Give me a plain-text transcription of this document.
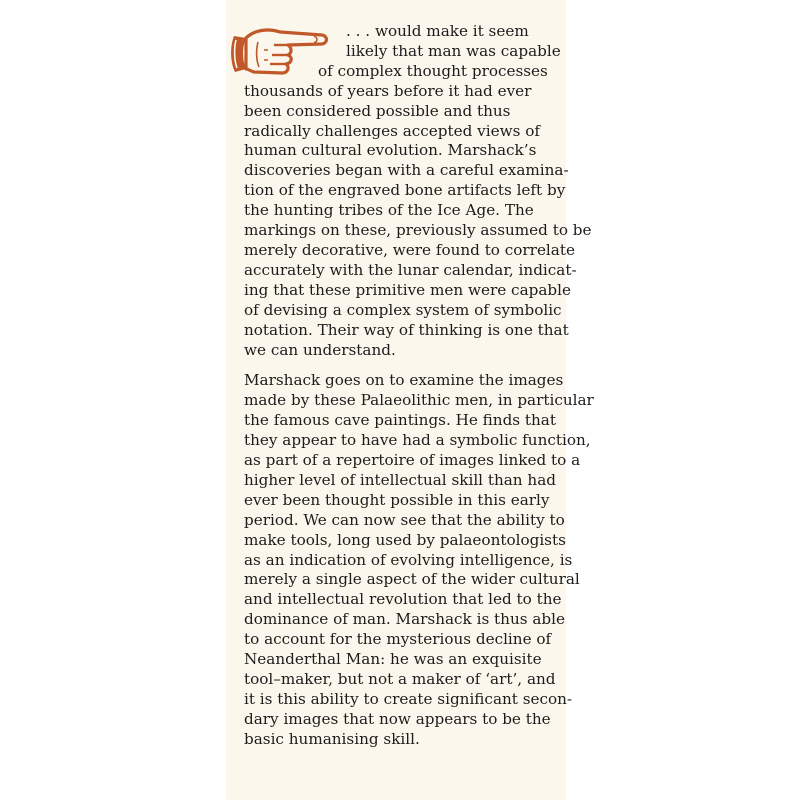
. . . would make it seem
likely that man was capable
of complex thought processes
thousands of years before it had ever
been considered possible and thus
radically challenges accepted views of
human cultural evolution. Marshack’s
discoveries began with a careful examina-
tion of the engraved bone artifacts left by
the hunting tribes of the Ice Age. The
markings on these, previously assumed to be
merely decorative, were found to correlate
accurately with the lunar calendar, indicat-
ing that these primitive men were capable
of devising a complex system of symbolic
notation. Their way of thinking is one that
we can understand.
Marshack goes on to examine the images
made by these Palaeolithic men, in particular
the famous cave paintings. He finds that
they appear to have had a symbolic function,
as part of a repertoire of images linked to a
higher level of intellectual skill than had
ever been thought possible in this early
period. We can now see that the ability to
make tools, long used by palaeontologists
as an indication of evolving intelligence, is
merely a single aspect of the wider cultural
and intellectual revolution that led to the
dominance of man. Marshack is thus able
to account for the mysterious decline of
Neanderthal Man: he was an exquisite
tool–maker, but not a maker of ‘art’, and
it is this ability to create significant secon-
dary images that now appears to be the
basic humanising skill.
